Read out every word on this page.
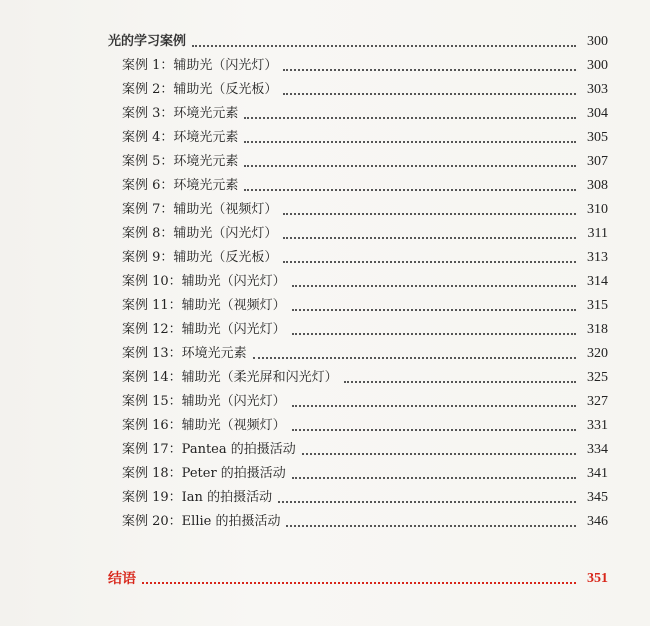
光的学习案例	300
案例 1：辅助光（闪光灯）	300
案例 2：辅助光（反光板）	303
案例 3：环境光元素	304
案例 4：环境光元素	305
案例 5：环境光元素	307
案例 6：环境光元素	308
案例 7：辅助光（视频灯）	310
案例 8：辅助光（闪光灯）	311
案例 9：辅助光（反光板）	313
案例 10：辅助光（闪光灯）	314
案例 11：辅助光（视频灯）	315
案例 12：辅助光（闪光灯）	318
案例 13：环境光元素	320
案例 14：辅助光（柔光屏和闪光灯）	325
案例 15：辅助光（闪光灯）	327
案例 16：辅助光（视频灯）	331
案例 17：Pantea 的拍摄活动	334
案例 18：Peter 的拍摄活动	341
案例 19：Ian 的拍摄活动	345
案例 20：Ellie 的拍摄活动	346
结语	351
